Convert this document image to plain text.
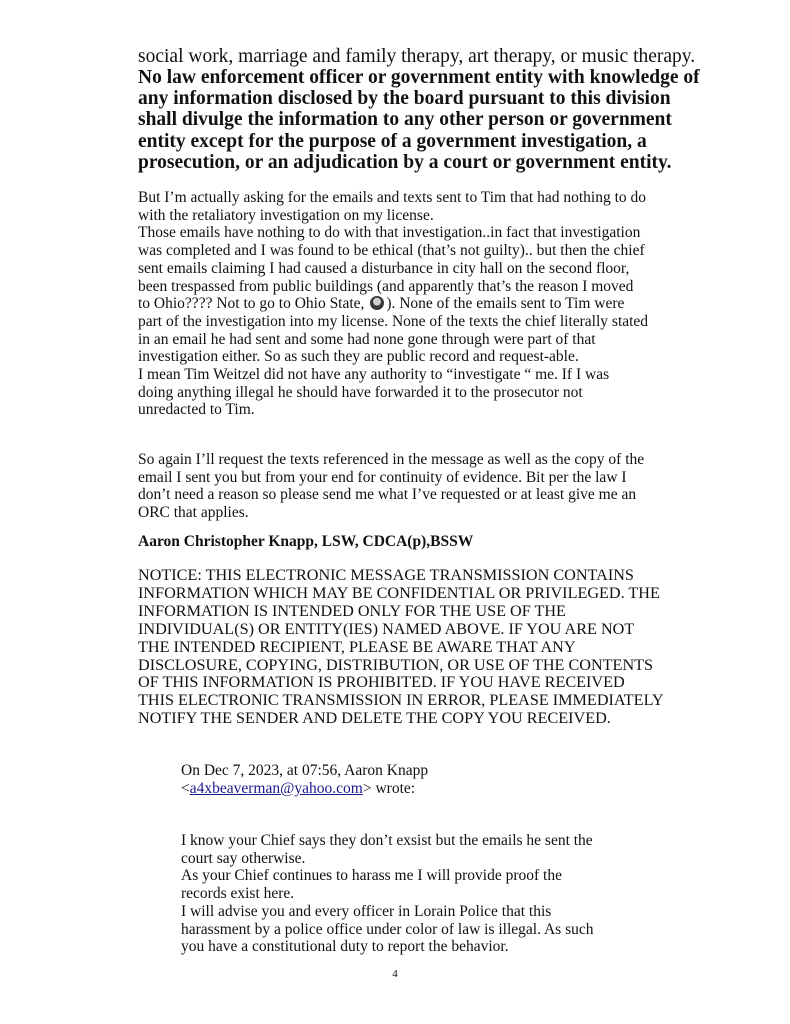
social work, marriage and family therapy, art therapy, or music therapy.

No law enforcement officer or government entity with knowledge of
any information disclosed by the board pursuant to this division
shall divulge the information to any other person or government
entity except for the purpose of a government investigation, a
prosecution, or an adjudication by a court or government entity.
But I’m actually asking for the emails and texts sent to Tim that had nothing to do
with the retaliatory investigation on my license.
Those emails have nothing to do with that investigation..in fact that investigation
was completed and I was found to be ethical (that’s not guilty).. but then the chief
sent emails claiming I had caused a disturbance in city hall on the second floor,
been trespassed from public buildings (and apparently that’s the reason I moved
to Ohio???? Not to go to Ohio State, ). None of the emails sent to Tim were
part of the investigation into my license. None of the texts the chief literally stated
in an email he had sent and some had none gone through were part of that
investigation either. So as such they are public record and request-able.
I mean Tim Weitzel did not have any authority to “investigate “ me. If I was
doing anything illegal he should have forwarded it to the prosecutor not
unredacted to Tim.
So again I’ll request the texts referenced in the message as well as the copy of the
email I sent you but from your end for continuity of evidence. Bit per the law I
don’t need a reason so please send me what I’ve requested or at least give me an
ORC that applies.

Aaron Christopher Knapp, LSW, CDCA(p),BSSW

NOTICE: THIS ELECTRONIC MESSAGE TRANSMISSION CONTAINS
INFORMATION WHICH MAY BE CONFIDENTIAL OR PRIVILEGED. THE
INFORMATION IS INTENDED ONLY FOR THE USE OF THE
INDIVIDUAL(S) OR ENTITY(IES) NAMED ABOVE. IF YOU ARE NOT
THE INTENDED RECIPIENT, PLEASE BE AWARE THAT ANY
DISCLOSURE, COPYING, DISTRIBUTION, OR USE OF THE CONTENTS
OF THIS INFORMATION IS PROHIBITED. IF YOU HAVE RECEIVED
THIS ELECTRONIC TRANSMISSION IN ERROR, PLEASE IMMEDIATELY
NOTIFY THE SENDER AND DELETE THE COPY YOU RECEIVED.
On Dec 7, 2023, at 07:56, Aaron Knapp
<a4xbeaverman@yahoo.com> wrote:
I know your Chief says they don’t exsist but the emails he sent the
court say otherwise.
As your Chief continues to harass me I will provide proof the
records exist here.
I will advise you and every officer in Lorain Police that this
harassment by a police office under color of law is illegal. As such
you have a constitutional duty to report the behavior.
4
